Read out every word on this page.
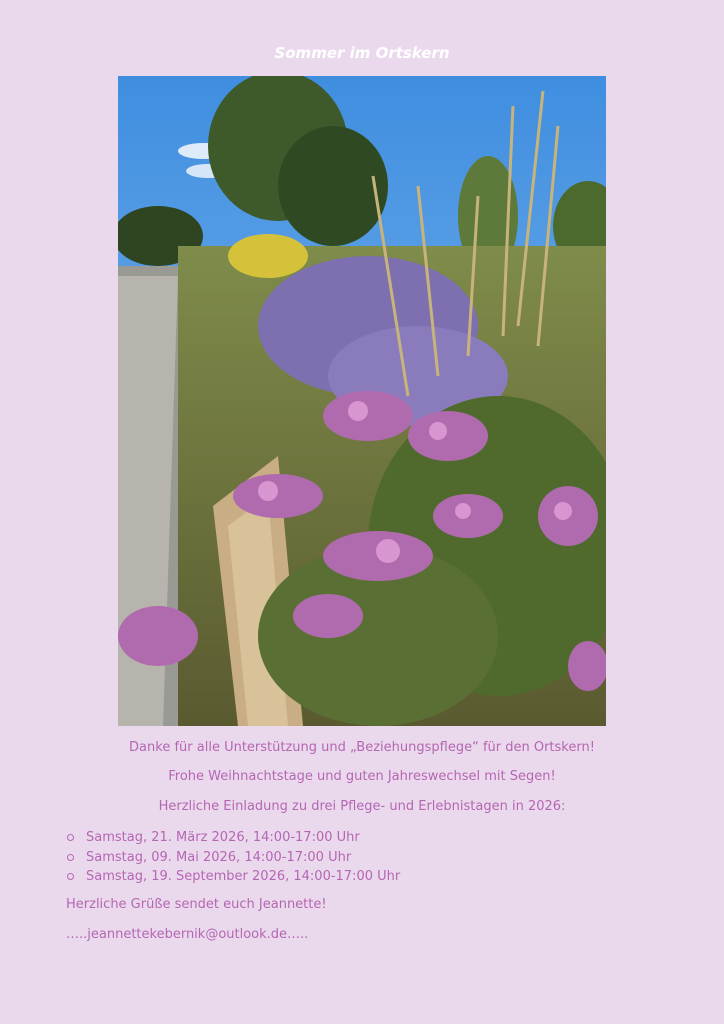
Sommer im Ortskern
Danke für alle Unterstützung und „Beziehungspflege“ für den Ortskern!
Frohe Weihnachtstage und guten Jahreswechsel mit Segen!
Herzliche Einladung zu drei Pflege- und Erlebnistagen in 2026:
Samstag, 21. März 2026, 14:00-17:00 Uhr
Samstag, 09. Mai 2026, 14:00-17:00 Uhr
Samstag, 19. September 2026, 14:00-17:00 Uhr
Herzliche Grüße sendet euch Jeannette!
…..jeannettekebernik@outlook.de…..
